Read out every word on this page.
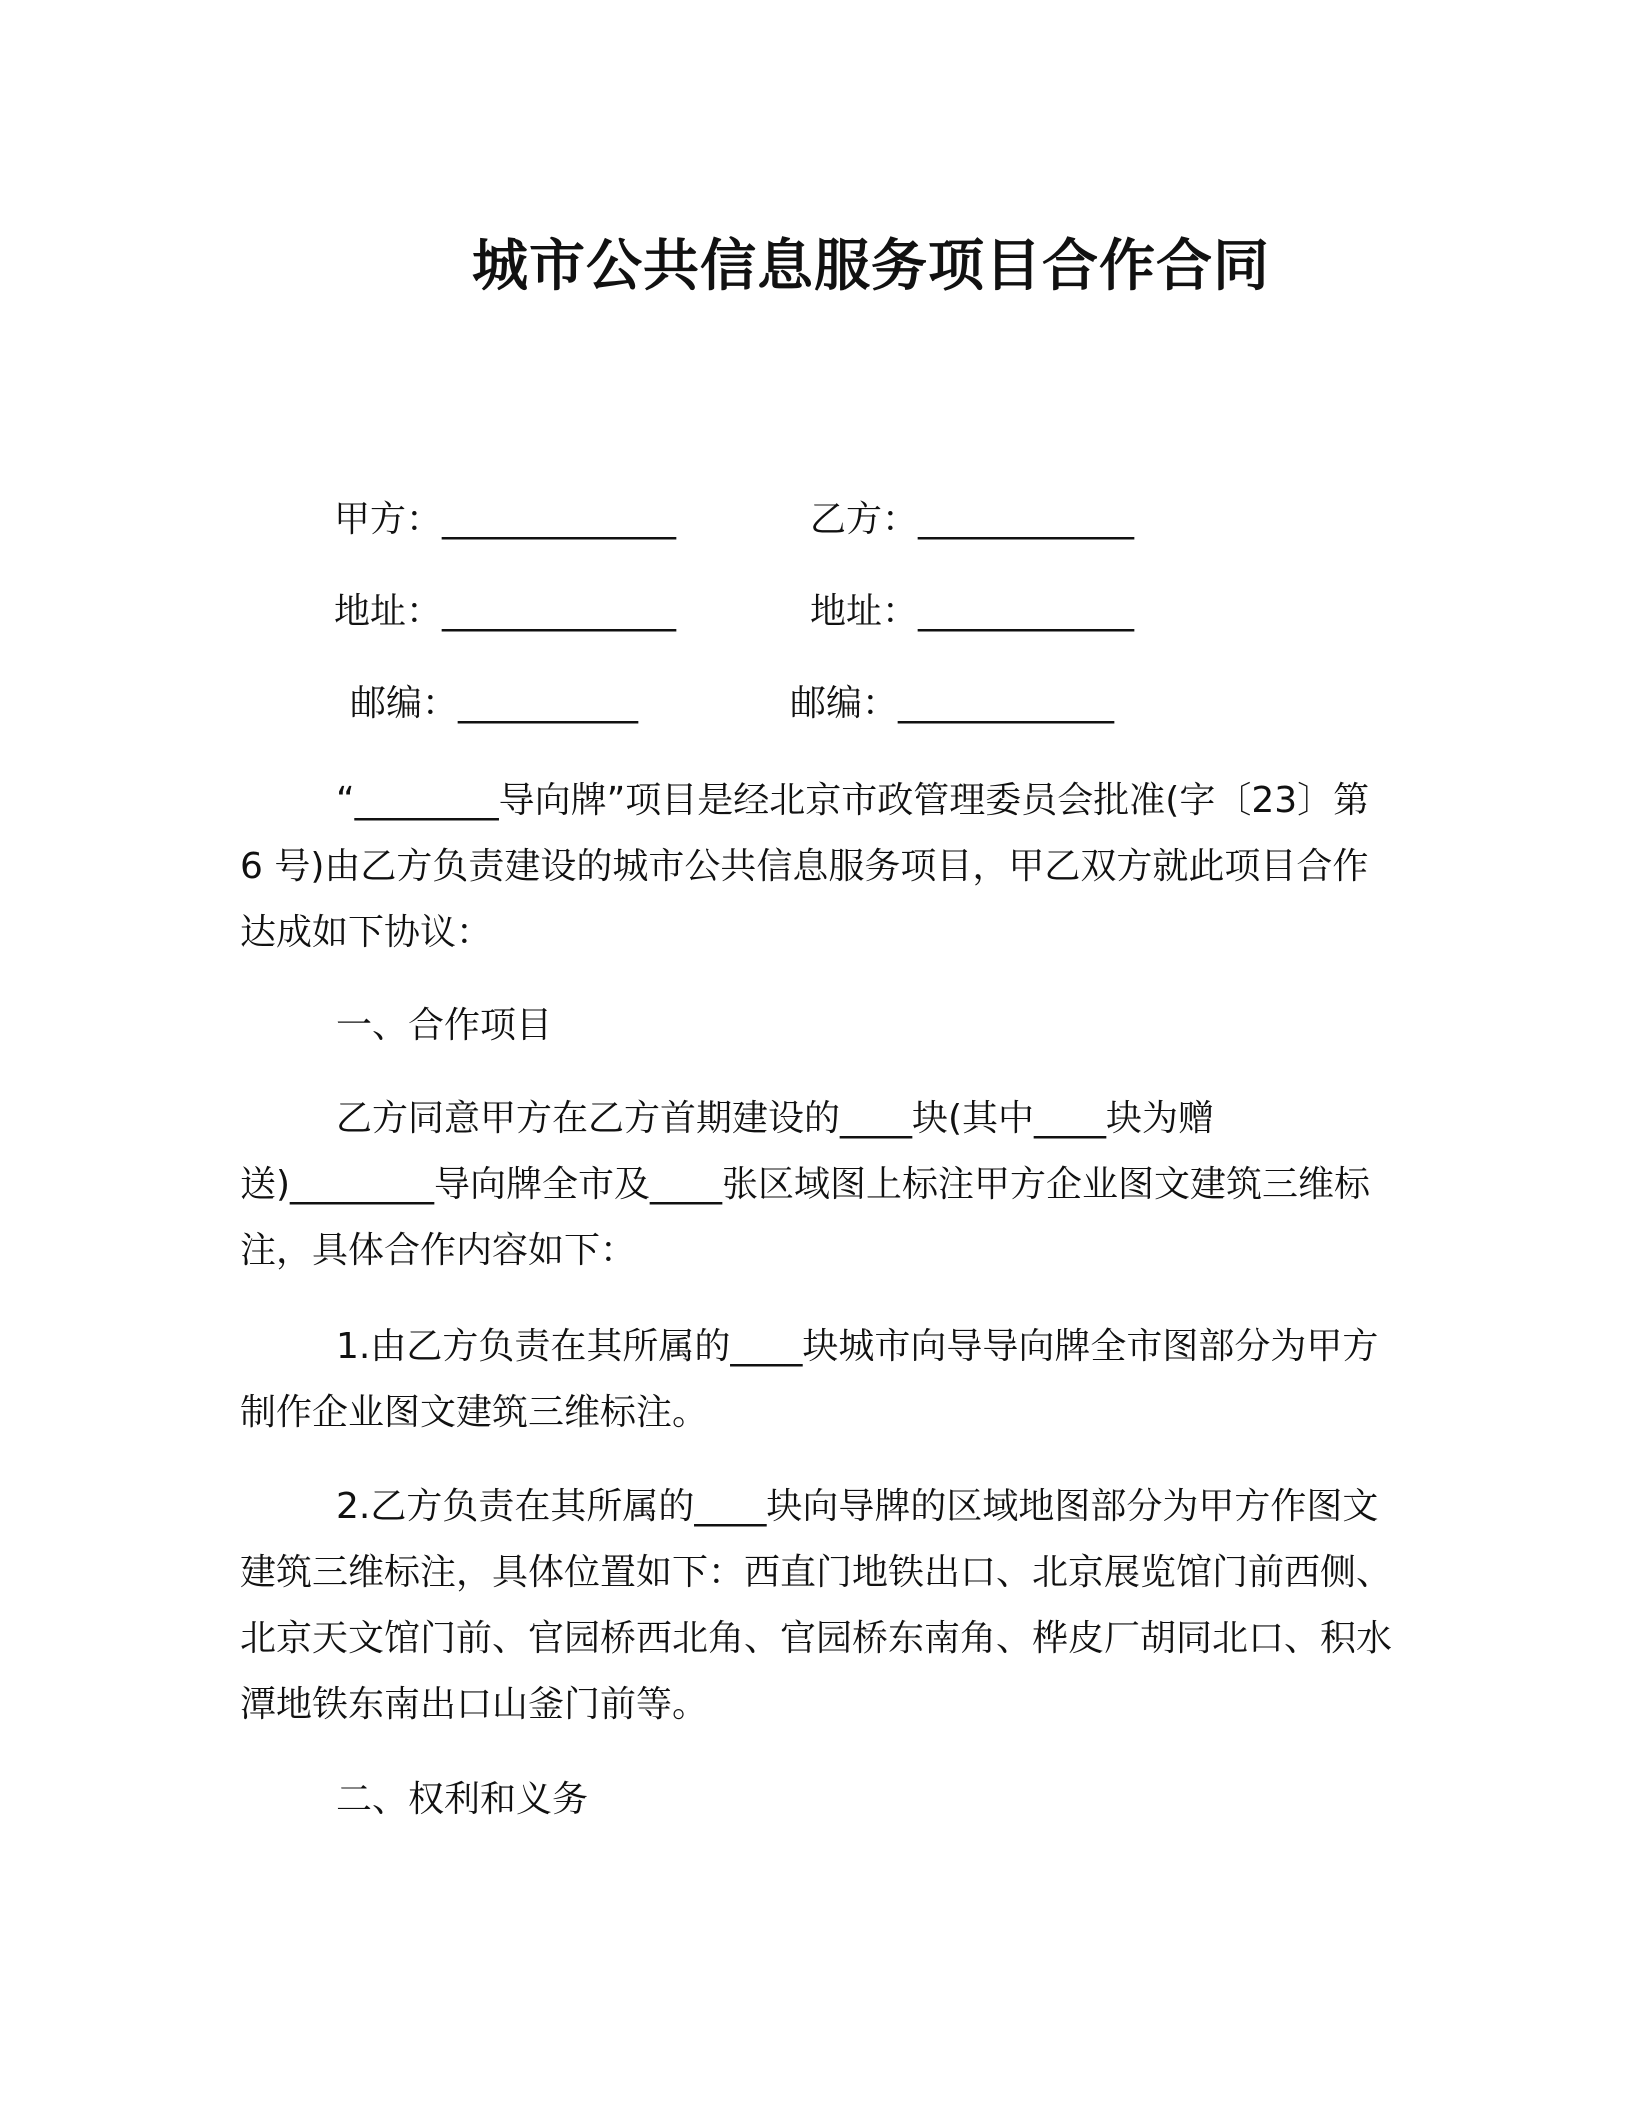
城市公共信息服务项目合作合同
甲方：_____________	乙方：____________
地址：_____________	地址：____________
邮编：__________	邮编：____________
“________导向牌”项目是经北京市政管理委员会批准(字〔23〕第 6 号)由乙方负责建设的城市公共信息服务项目，甲乙双方就此项目合作达成如下协议：
一、合作项目
乙方同意甲方在乙方首期建设的____块(其中____块为赠送)________导向牌全市及____张区域图上标注甲方企业图文建筑三维标注，具体合作内容如下：
1.由乙方负责在其所属的____块城市向导导向牌全市图部分为甲方制作企业图文建筑三维标注。
2.乙方负责在其所属的____块向导牌的区域地图部分为甲方作图文建筑三维标注，具体位置如下：西直门地铁出口、北京展览馆门前西侧、北京天文馆门前、官园桥西北角、官园桥东南角、桦皮厂胡同北口、积水潭地铁东南出口山釜门前等。
二、权利和义务
